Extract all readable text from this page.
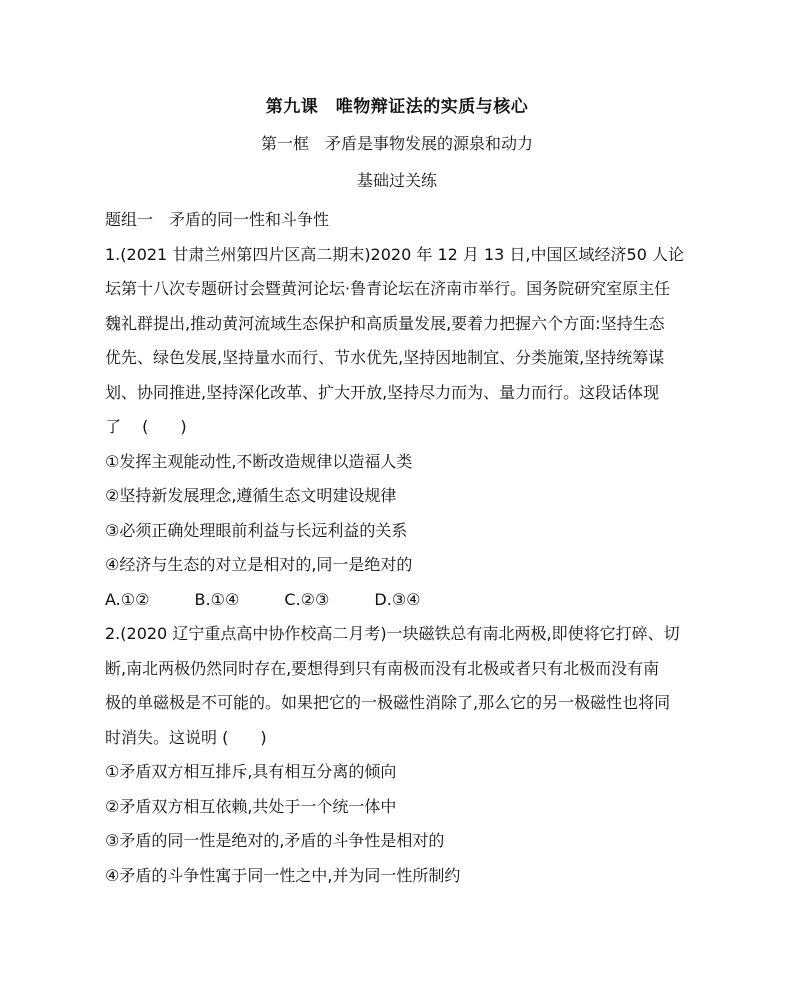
第九课　唯物辩证法的实质与核心
第一框　矛盾是事物发展的源泉和动力
基础过关练
题组一　矛盾的同一性和斗争性
1.(2021 甘肃兰州第四片区高二期末)2020 年 12 月 13 日,中国区域经济50 人论
坛第十八次专题研讨会暨黄河论坛·鲁青论坛在济南市举行。国务院研究室原主任
魏礼群提出,推动黄河流域生态保护和高质量发展,要着力把握六个方面:坚持生态
优先、绿色发展,坚持量水而行、节水优先,坚持因地制宜、分类施策,坚持统筹谋
划、协同推进,坚持深化改革、扩大开放,坚持尽力而为、量力而行。这段话体现
了　 (　　)
①发挥主观能动性,不断改造规律以造福人类
②坚持新发展理念,遵循生态文明建设规律
③必须正确处理眼前利益与长远利益的关系
④经济与生态的对立是相对的,同一是绝对的
A.①②	B.①④	C.②③	D.③④
2.(2020 辽宁重点高中协作校高二月考)一块磁铁总有南北两极,即使将它打碎、切
断,南北两极仍然同时存在,要想得到只有南极而没有北极或者只有北极而没有南
极的单磁极是不可能的。如果把它的一极磁性消除了,那么它的另一极磁性也将同
时消失。这说明 (　　)
①矛盾双方相互排斥,具有相互分离的倾向
②矛盾双方相互依赖,共处于一个统一体中
③矛盾的同一性是绝对的,矛盾的斗争性是相对的
④矛盾的斗争性寓于同一性之中,并为同一性所制约
